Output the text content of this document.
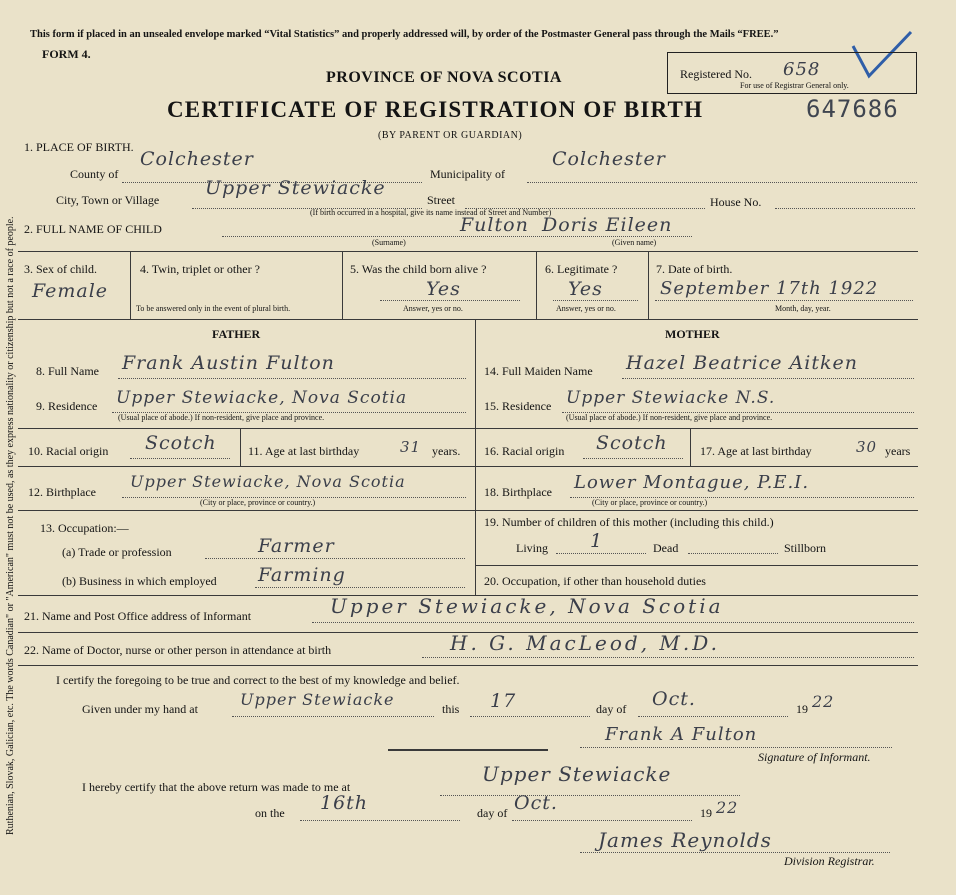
Ruthenian, Slovak, Galician, etc. The words Canadian" or "American" must not be used, as they express nationality or citizenship but not a race of people.
This form if placed in an unsealed envelope marked “Vital Statistics” and properly addressed will, by order of the Postmaster General pass through the Mails “FREE.”
FORM 4.
PROVINCE OF NOVA SCOTIA
CERTIFICATE OF REGISTRATION OF BIRTH
(BY PARENT OR GUARDIAN)
Registered No. 658
For use of Registrar General only.
647686
1. PLACE OF BIRTH.
County of
Colchester
Municipality of
Colchester
City, Town or Village
Upper Stewiacke
Street	House No.
(If birth occurred in a hospital, give its name instead of Street and Number)
2. FULL NAME OF CHILD	Fulton Doris Eileen
(Surname)	(Given name)
3. Sex of child.
Female
4. Twin, triplet or other ?
To be answered only in the event of plural birth.
5. Was the child born alive ?
Yes
Answer, yes or no.
6. Legitimate ?
Yes
Answer, yes or no.
7. Date of birth.
September 17th 1922
Month, day, year.
FATHER	MOTHER
8. Full Name Frank Austin Fulton
9. Residence Upper Stewiacke, Nova Scotia
(Usual place of abode.) If non-resident, give place and province.
10. Racial origin Scotch	11. Age at last birthday	31 years.
12. Birthplace
Upper Stewiacke, Nova Scotia
(City or place, province or country.)
13. Occupation:—
(a) Trade or profession	Farmer
(b) Business in which employed Farming
14. Full Maiden Name Hazel Beatrice Aitken
15. Residence Upper Stewiacke N.S.
(Usual place of abode.) If non-resident, give place and province.
16. Racial origin Scotch	17. Age at last birthday	30 years
18. Birthplace Lower Montague, P.E.I.
(City or place, province or country.)
19. Number of children of this mother (including this child.)
Living 1	Dead	Stillborn
20. Occupation, if other than household duties
21. Name and Post Office address of Informant	Upper Stewiacke, Nova Scotia
22. Name of Doctor, nurse or other person in attendance at birth	H. G. MacLeod, M.D.
I certify the foregoing to be true and correct to the best of my knowledge and belief.
Given under my hand at	Upper Stewiacke	this 17	day of Oct.	19 22
Frank A Fulton
Signature of Informant.
I hereby certify that the above return was made to me at
Upper Stewiacke
on the 16th	day of Oct.	19 22
James Reynolds
Division Registrar.
